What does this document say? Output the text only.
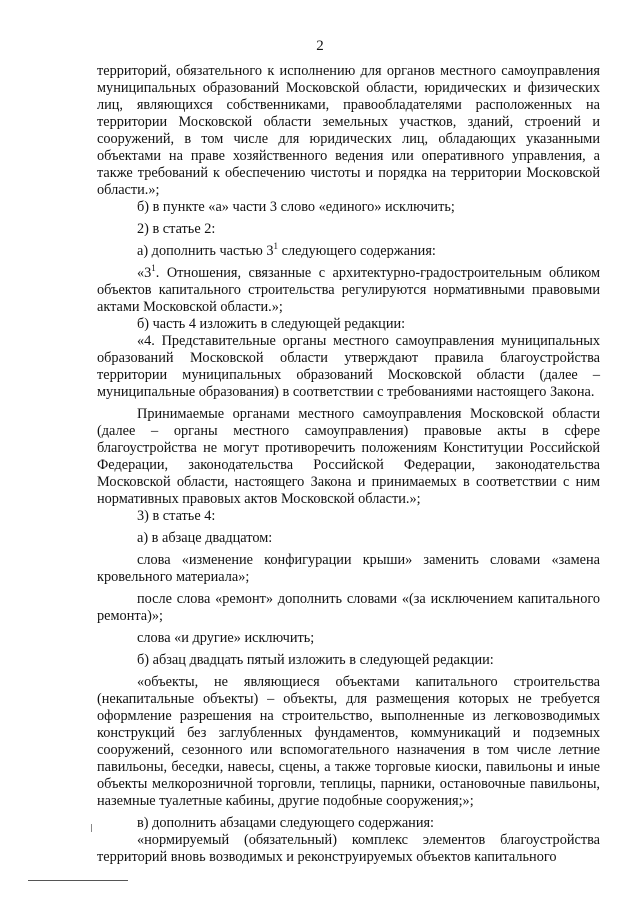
2

территорий, обязательного к исполнению для органов местного самоуправления муниципальных образований Московской области, юридических и физических лиц, являющихся собственниками, правообладателями расположенных на территории Московской области земельных участков, зданий, строений и сооружений, в том числе для юридических лиц, обладающих указанными объектами на праве хозяйственного ведения или оперативного управления, а также требований к обеспечению чистоты и порядка на территории Московской области.»;

б) в пункте «а» части 3 слово «единого» исключить;

2) в статье 2:

а) дополнить частью $3^1$ следующего содержания:

«$3^1$. Отношения, связанные с архитектурно-градостроительным обликом объектов капитального строительства регулируются нормативными правовыми актами Московской области.»;

б) часть 4 изложить в следующей редакции:

«4. Представительные органы местного самоуправления муниципальных образований Московской области утверждают правила благоустройства территории муниципальных образований Московской области (далее – муниципальные образования) в соответствии с требованиями настоящего Закона.

Принимаемые органами местного самоуправления Московской области (далее – органы местного самоуправления) правовые акты в сфере благоустройства не могут противоречить положениям Конституции Российской Федерации, законодательства Российской Федерации, законодательства Московской области, настоящего Закона и принимаемых в соответствии с ним нормативных правовых актов Московской области.»;

3) в статье 4:

а) в абзаце двадцатом:

слова «изменение конфигурации крыши» заменить словами «замена кровельного материала»;

после слова «ремонт» дополнить словами «(за исключением капитального ремонта)»;

слова «и другие» исключить;

б) абзац двадцать пятый изложить в следующей редакции:

«объекты, не являющиеся объектами капитального строительства (некапитальные объекты) – объекты, для размещения которых не требуется оформление разрешения на строительство, выполненные из легковозводимых конструкций без заглубленных фундаментов, коммуникаций и подземных сооружений, сезонного или вспомогательного назначения в том числе летние павильоны, беседки, навесы, сцены, а также торговые киоски, павильоны и иные объекты мелкорозничной торговли, теплицы, парники, остановочные павильоны, наземные туалетные кабины, другие подобные сооружения;»;

в) дополнить абзацами следующего содержания:

«нормируемый (обязательный) комплекс элементов благоустройства территорий вновь возводимых и реконструируемых объектов капитального
